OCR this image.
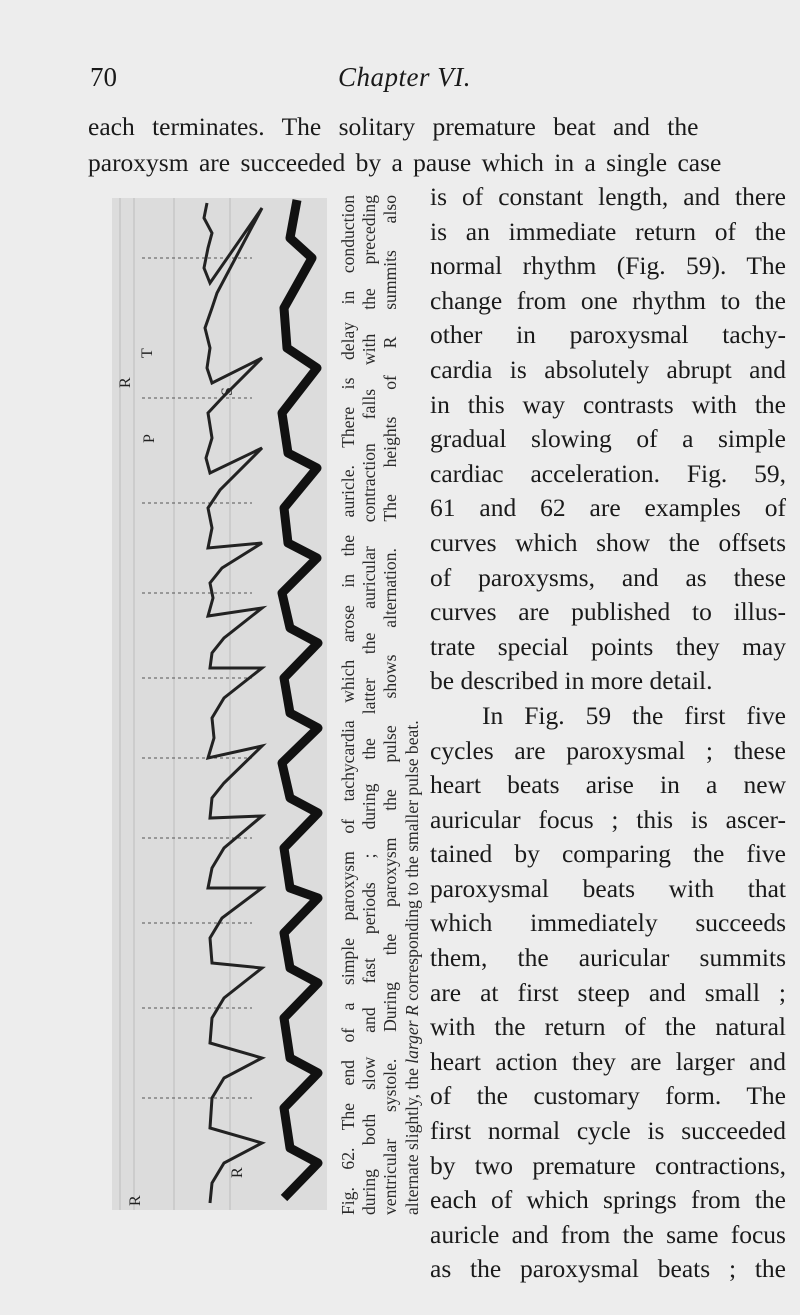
70	Chapter VI.
each terminates. The solitary premature beat and the
paroxysm are succeeded by a pause which in a single case
S
R
P
T
R
R	Fig. 62. The end of a simple paroxysm of tachycardia which arose in the auricle. There is delay in conduction during both slow and fast periods ; during the latter the auricular contraction falls with the preceding ventricular systole. During the paroxysm the pulse shows alternation. The heights of R summits also alternate slightly, the larger R corresponding to the smaller pulse beat.
is of constant length, and there
is an immediate return of the
normal rhythm (Fig. 59). The
change from one rhythm to the
other in paroxysmal tachy-
cardia is absolutely abrupt and
in this way contrasts with the
gradual slowing of a simple
cardiac acceleration. Fig. 59,
61 and 62 are examples of
curves which show the offsets
of paroxysms, and as these
curves are published to illus-
trate special points they may
be described in more detail.
In Fig. 59 the first five
cycles are paroxysmal ; these
heart beats arise in a new
auricular focus ; this is ascer-
tained by comparing the five
paroxysmal beats with that
which immediately succeeds
them, the auricular summits
are at first steep and small ;
with the return of the natural
heart action they are larger and
of the customary form. The
first normal cycle is succeeded
by two premature contractions,
each of which springs from the
auricle and from the same focus
as the paroxysmal beats ; the
